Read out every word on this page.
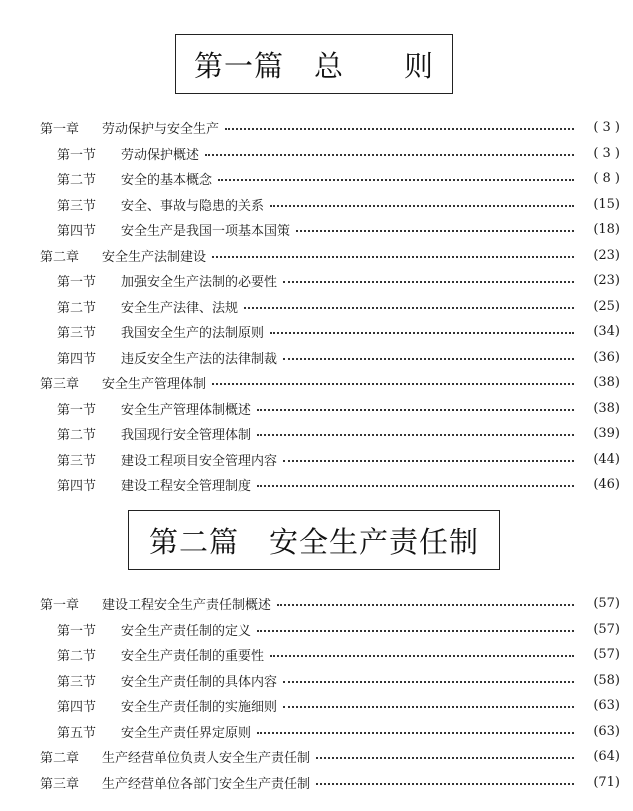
第一篇　总　　则
第一章	劳动保护与安全生产	( 3 )
第一节	劳动保护概述	( 3 )
第二节	安全的基本概念	( 8 )
第三节	安全、事故与隐患的关系	(15)
第四节	安全生产是我国一项基本国策	(18)
第二章	安全生产法制建设	(23)
第一节	加强安全生产法制的必要性	(23)
第二节	安全生产法律、法规	(25)
第三节	我国安全生产的法制原则	(34)
第四节	违反安全生产法的法律制裁	(36)
第三章	安全生产管理体制	(38)
第一节	安全生产管理体制概述	(38)
第二节	我国现行安全管理体制	(39)
第三节	建设工程项目安全管理内容	(44)
第四节	建设工程安全管理制度	(46)
第二篇　安全生产责任制
第一章	建设工程安全生产责任制概述	(57)
第一节	安全生产责任制的定义	(57)
第二节	安全生产责任制的重要性	(57)
第三节	安全生产责任制的具体内容	(58)
第四节	安全生产责任制的实施细则	(63)
第五节	安全生产责任界定原则	(63)
第二章	生产经营单位负责人安全生产责任制	(64)
第三章	生产经营单位各部门安全生产责任制	(71)
